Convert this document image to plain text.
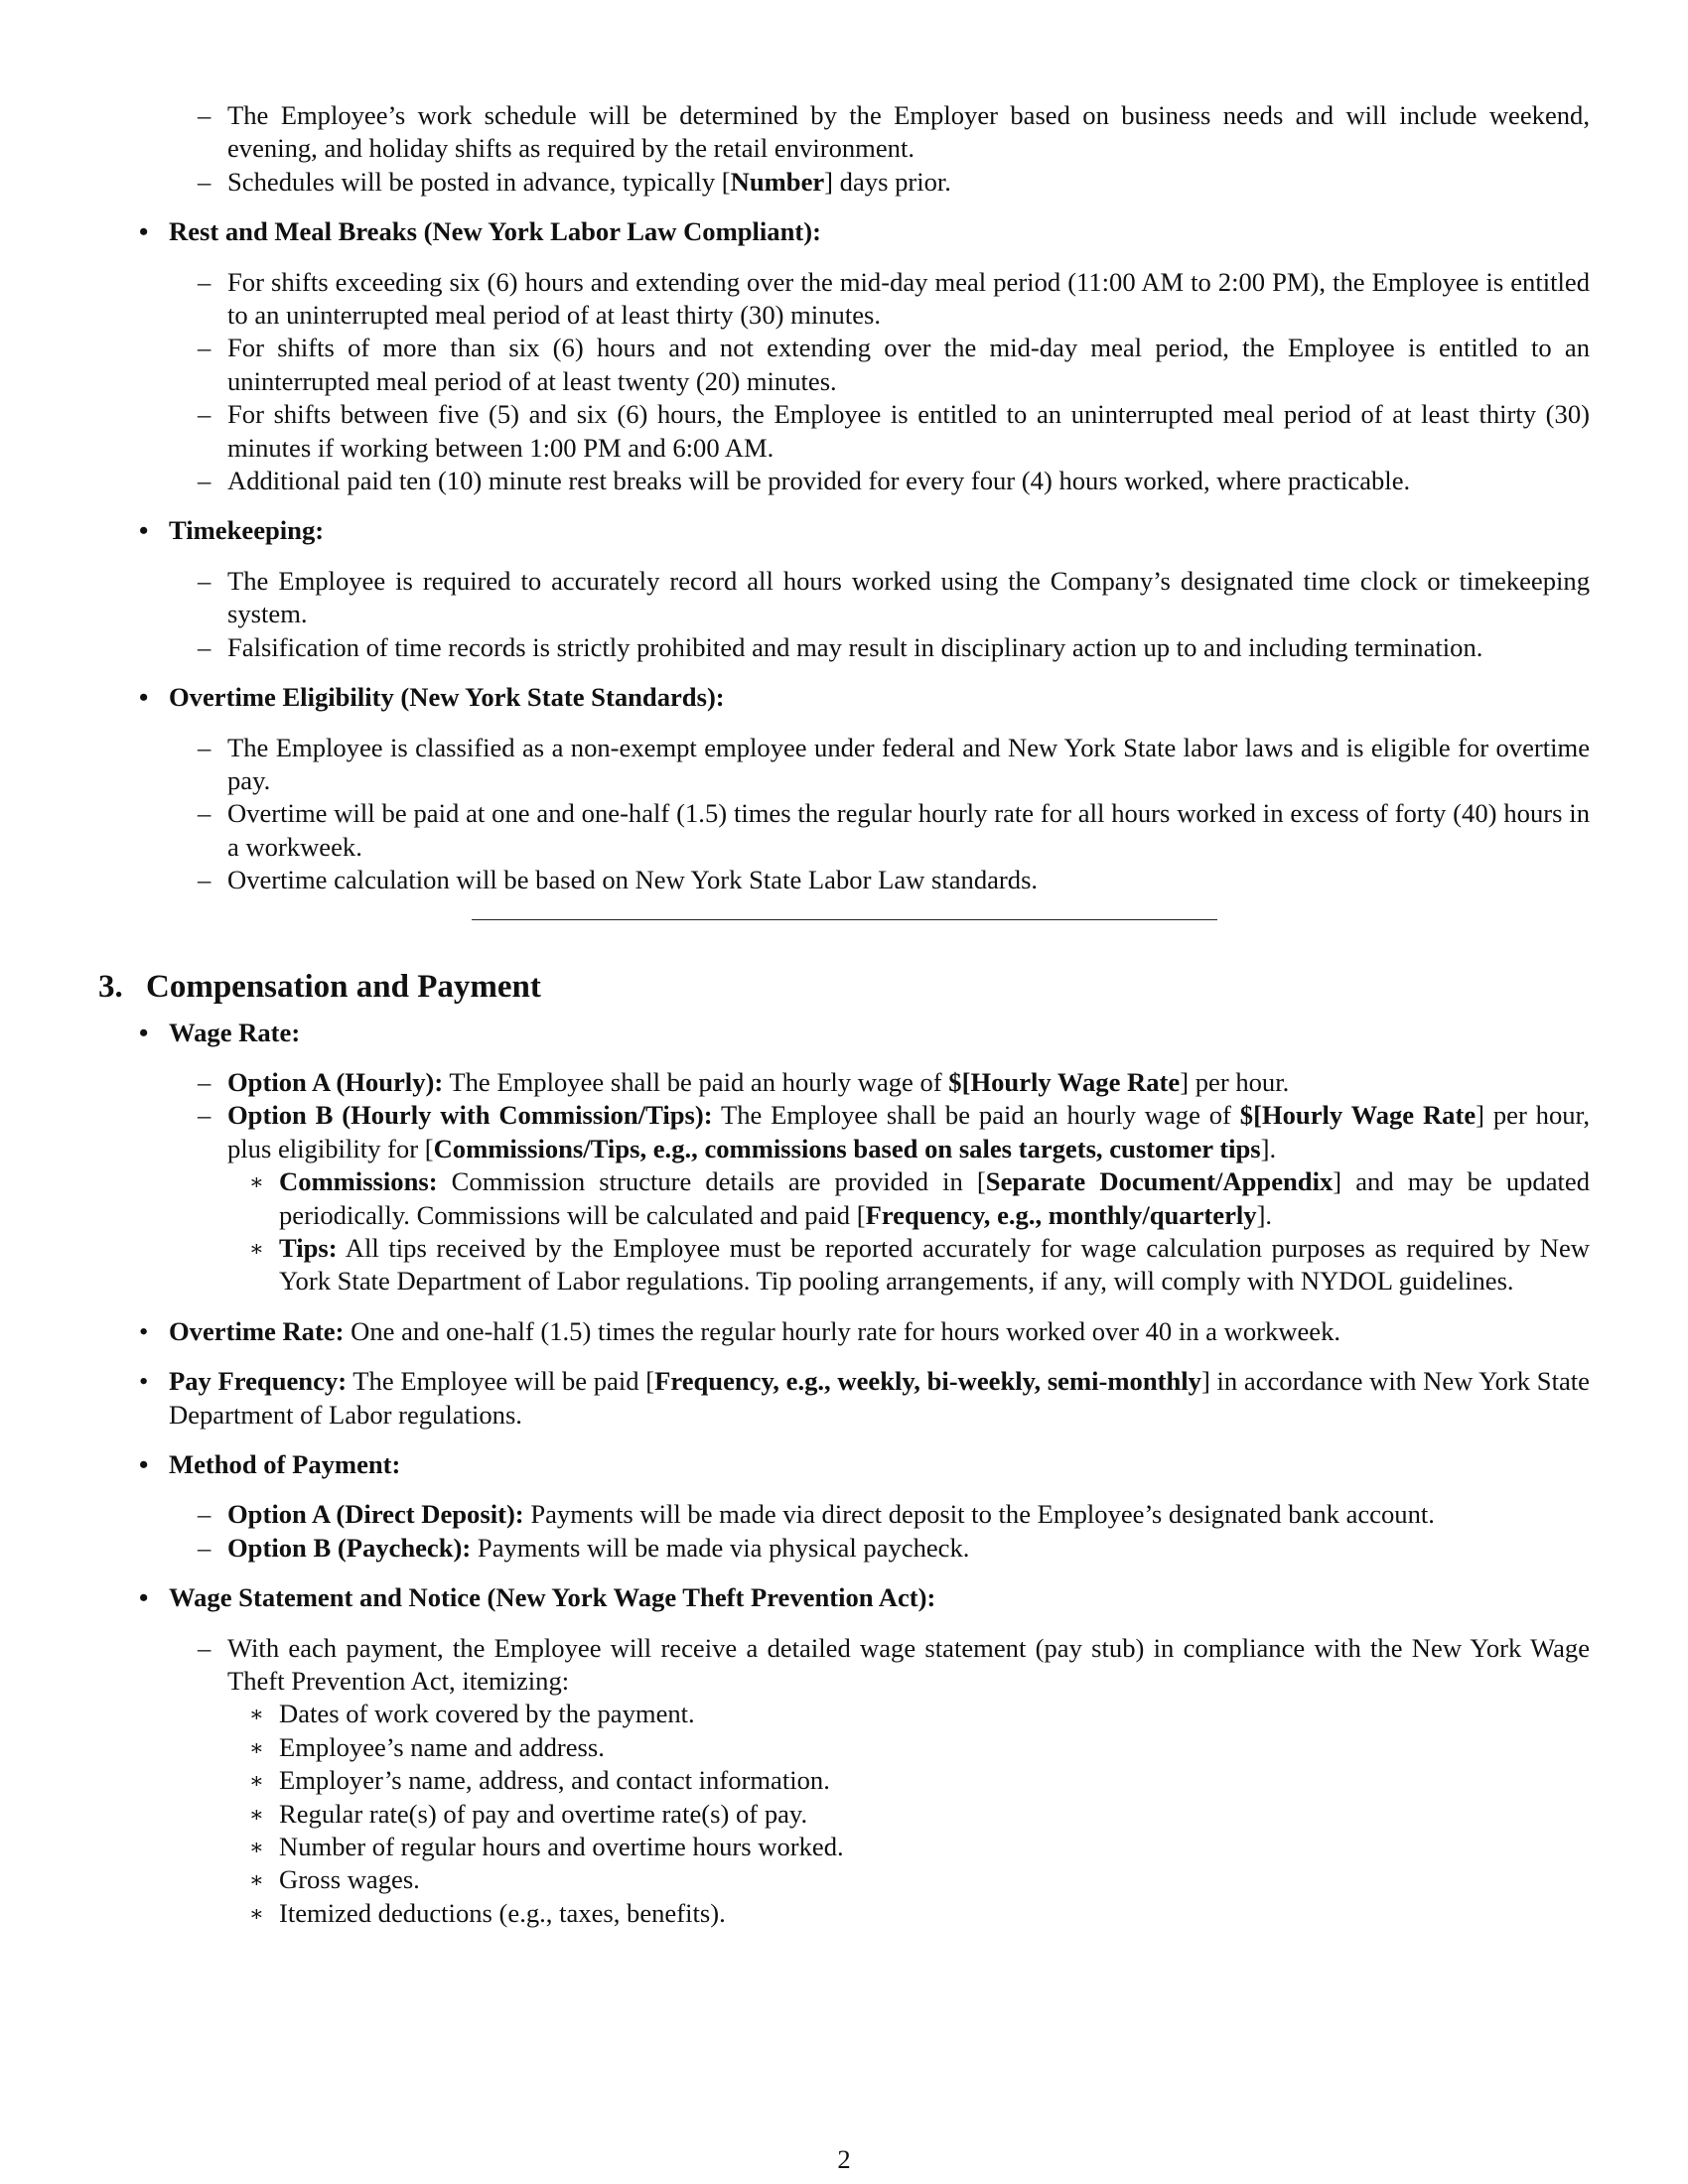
– The Employee’s work schedule will be determined by the Employer based on business needs and will include weekend, evening, and holiday shifts as required by the retail environment.
– Schedules will be posted in advance, typically [Number] days prior.
• Rest and Meal Breaks (New York Labor Law Compliant):
– For shifts exceeding six (6) hours and extending over the mid-day meal period (11:00 AM to 2:00 PM), the Employee is entitled to an uninterrupted meal period of at least thirty (30) minutes.
– For shifts of more than six (6) hours and not extending over the mid-day meal period, the Employee is entitled to an uninterrupted meal period of at least twenty (20) minutes.
– For shifts between five (5) and six (6) hours, the Employee is entitled to an uninterrupted meal period of at least thirty (30) minutes if working between 1:00 PM and 6:00 AM.
– Additional paid ten (10) minute rest breaks will be provided for every four (4) hours worked, where practicable.
• Timekeeping:
– The Employee is required to accurately record all hours worked using the Company’s designated time clock or timekeeping system.
– Falsification of time records is strictly prohibited and may result in disciplinary action up to and including termination.
• Overtime Eligibility (New York State Standards):
– The Employee is classified as a non-exempt employee under federal and New York State labor laws and is eligible for overtime pay.
– Overtime will be paid at one and one-half (1.5) times the regular hourly rate for all hours worked in excess of forty (40) hours in a workweek.
– Overtime calculation will be based on New York State Labor Law standards.
3. Compensation and Payment
• Wage Rate:
– Option A (Hourly): The Employee shall be paid an hourly wage of $[Hourly Wage Rate] per hour.
– Option B (Hourly with Commission/Tips): The Employee shall be paid an hourly wage of $[Hourly Wage Rate] per hour, plus eligibility for [Commissions/Tips, e.g., commissions based on sales targets, customer tips].
∗ Commissions: Commission structure details are provided in [Separate Document/Appendix] and may be updated periodically. Commissions will be calculated and paid [Frequency, e.g., monthly/quarterly].
∗ Tips: All tips received by the Employee must be reported accurately for wage calculation purposes as required by New York State Department of Labor regulations. Tip pooling arrangements, if any, will comply with NYDOL guidelines.
• Overtime Rate: One and one-half (1.5) times the regular hourly rate for hours worked over 40 in a workweek.
• Pay Frequency: The Employee will be paid [Frequency, e.g., weekly, bi-weekly, semi-monthly] in accordance with New York State Department of Labor regulations.
• Method of Payment:
– Option A (Direct Deposit): Payments will be made via direct deposit to the Employee’s designated bank account.
– Option B (Paycheck): Payments will be made via physical paycheck.
• Wage Statement and Notice (New York Wage Theft Prevention Act):
– With each payment, the Employee will receive a detailed wage statement (pay stub) in compliance with the New York Wage Theft Prevention Act, itemizing:
∗ Dates of work covered by the payment.
∗ Employee’s name and address.
∗ Employer’s name, address, and contact information.
∗ Regular rate(s) of pay and overtime rate(s) of pay.
∗ Number of regular hours and overtime hours worked.
∗ Gross wages.
∗ Itemized deductions (e.g., taxes, benefits).
2
